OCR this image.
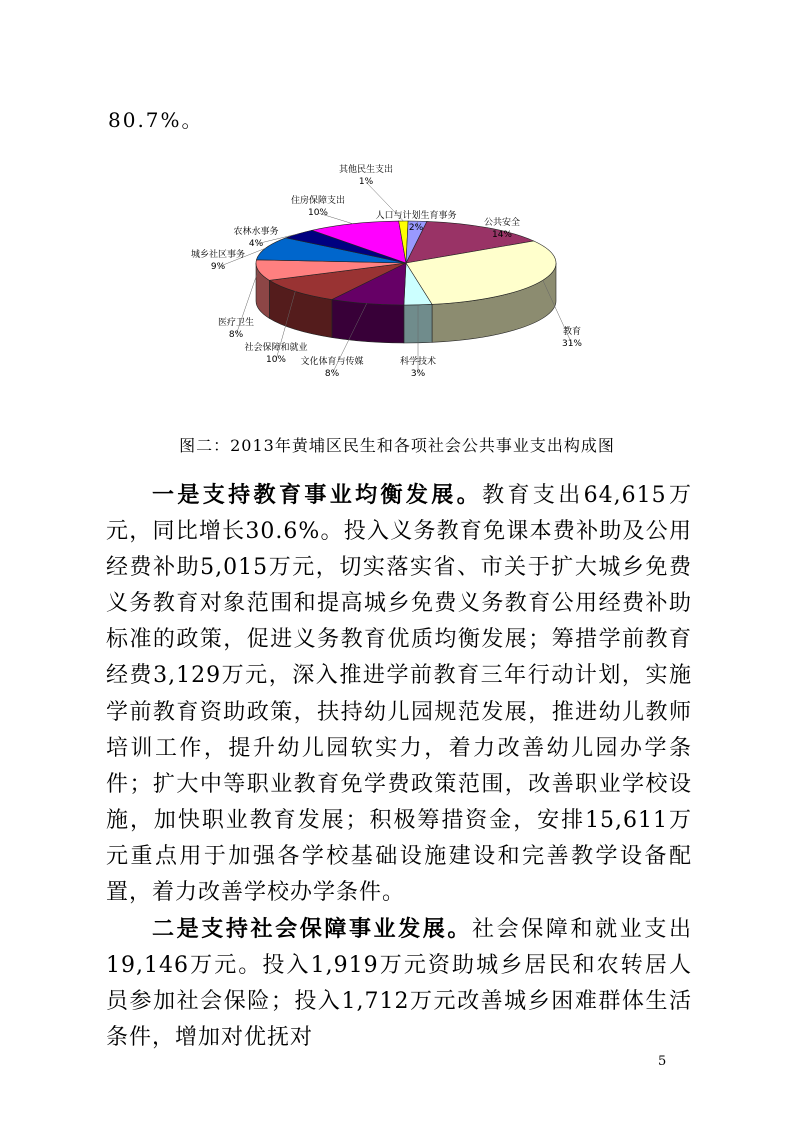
80.7%。
公共安全
14%
教育
31%
科学技术
3%
文化体育与传媒
8%
社会保障和就业
10%
医疗卫生
8%
城乡社区事务
9%
农林水事务
4%
住房保障支出
10%
其他民生支出
1%
人口与计划生育事务
2%
图二：2013年黄埔区民生和各项社会公共事业支出构成图
一是支持教育事业均衡发展。教育支出64,615万元，同比增长30.6%。投入义务教育免课本费补助及公用经费补助5,015万元，切实落实省、市关于扩大城乡免费义务教育对象范围和提高城乡免费义务教育公用经费补助标准的政策，促进义务教育优质均衡发展；筹措学前教育经费3,129万元，深入推进学前教育三年行动计划，实施学前教育资助政策，扶持幼儿园规范发展，推进幼儿教师培训工作，提升幼儿园软实力，着力改善幼儿园办学条件；扩大中等职业教育免学费政策范围，改善职业学校设施，加快职业教育发展；积极筹措资金，安排15,611万元重点用于加强各学校基础设施建设和完善教学设备配置，着力改善学校办学条件。
二是支持社会保障事业发展。社会保障和就业支出19,146万元。投入1,919万元资助城乡居民和农转居人员参加社会保险；投入1,712万元改善城乡困难群体生活条件，增加对优抚对
5
